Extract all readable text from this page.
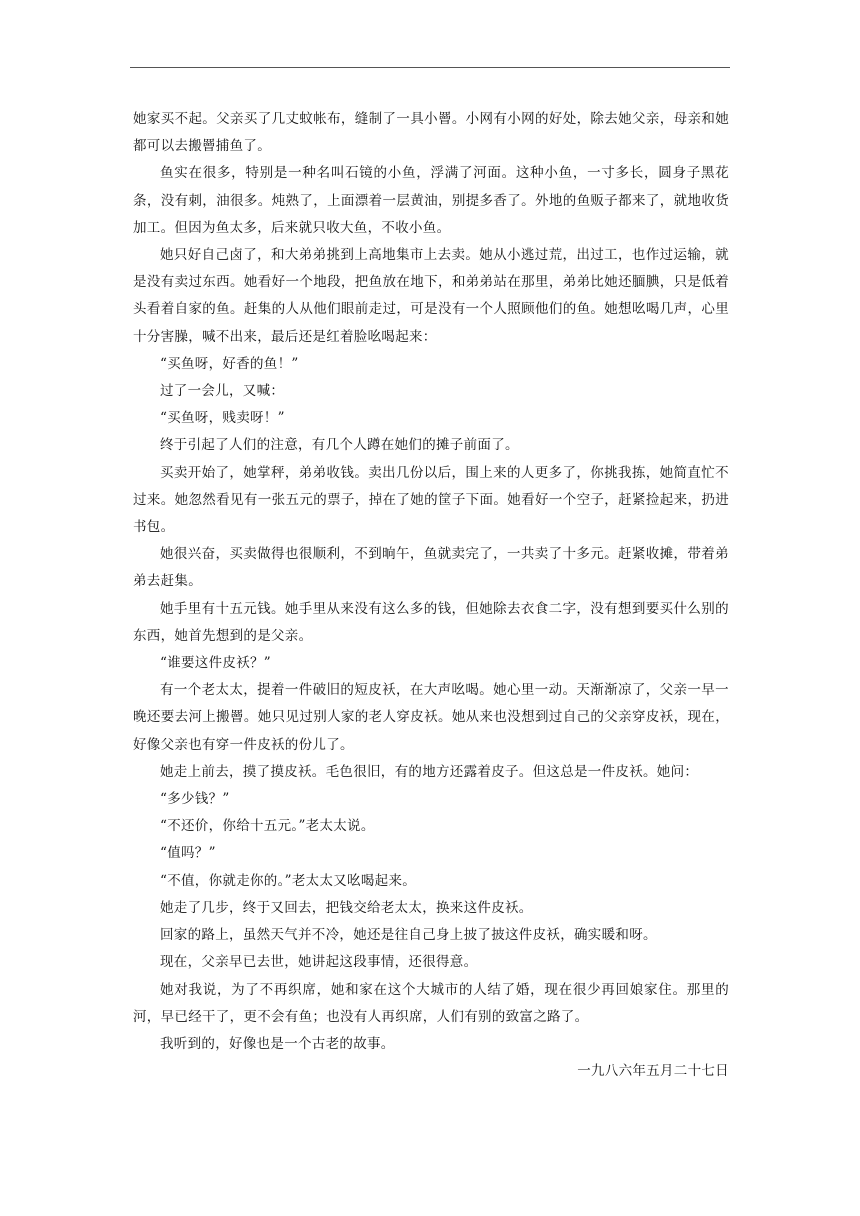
她家买不起。父亲买了几丈蚊帐布，缝制了一具小罾。小网有小网的好处，除去她父亲，母亲和她都可以去搬罾捕鱼了。

鱼实在很多，特别是一种名叫石镜的小鱼，浮满了河面。这种小鱼，一寸多长，圆身子黑花条，没有刺，油很多。炖熟了，上面漂着一层黄油，别提多香了。外地的鱼贩子都来了，就地收货加工。但因为鱼太多，后来就只收大鱼，不收小鱼。

她只好自己卤了，和大弟弟挑到上高地集市上去卖。她从小逃过荒，出过工，也作过运输，就是没有卖过东西。她看好一个地段，把鱼放在地下，和弟弟站在那里，弟弟比她还腼腆，只是低着头看着自家的鱼。赶集的人从他们眼前走过，可是没有一个人照顾他们的鱼。她想吆喝几声，心里十分害臊，喊不出来，最后还是红着脸吆喝起来：

“买鱼呀，好香的鱼！”

过了一会儿，又喊：

“买鱼呀，贱卖呀！”

终于引起了人们的注意，有几个人蹲在她们的摊子前面了。

买卖开始了，她掌秤，弟弟收钱。卖出几份以后，围上来的人更多了，你挑我拣，她简直忙不过来。她忽然看见有一张五元的票子，掉在了她的筐子下面。她看好一个空子，赶紧捡起来，扔进书包。

她很兴奋，买卖做得也很顺利，不到晌午，鱼就卖完了，一共卖了十多元。赶紧收摊，带着弟弟去赶集。

她手里有十五元钱。她手里从来没有这么多的钱，但她除去衣食二字，没有想到要买什么别的东西，她首先想到的是父亲。

“谁要这件皮袄？”

有一个老太太，提着一件破旧的短皮袄，在大声吆喝。她心里一动。天渐渐凉了，父亲一早一晚还要去河上搬罾。她只见过别人家的老人穿皮袄。她从来也没想到过自己的父亲穿皮袄，现在，好像父亲也有穿一件皮袄的份儿了。

她走上前去，摸了摸皮袄。毛色很旧，有的地方还露着皮子。但这总是一件皮袄。她问：

“多少钱？”

“不还价，你给十五元。”老太太说。

“值吗？”

“不值，你就走你的。”老太太又吆喝起来。

她走了几步，终于又回去，把钱交给老太太，换来这件皮袄。

回家的路上，虽然天气并不冷，她还是往自己身上披了披这件皮袄，确实暖和呀。

现在，父亲早已去世，她讲起这段事情，还很得意。

她对我说，为了不再织席，她和家在这个大城市的人结了婚，现在很少再回娘家住。那里的河，早已经干了，更不会有鱼；也没有人再织席，人们有别的致富之路了。

我听到的，好像也是一个古老的故事。

一九八六年五月二十七日
